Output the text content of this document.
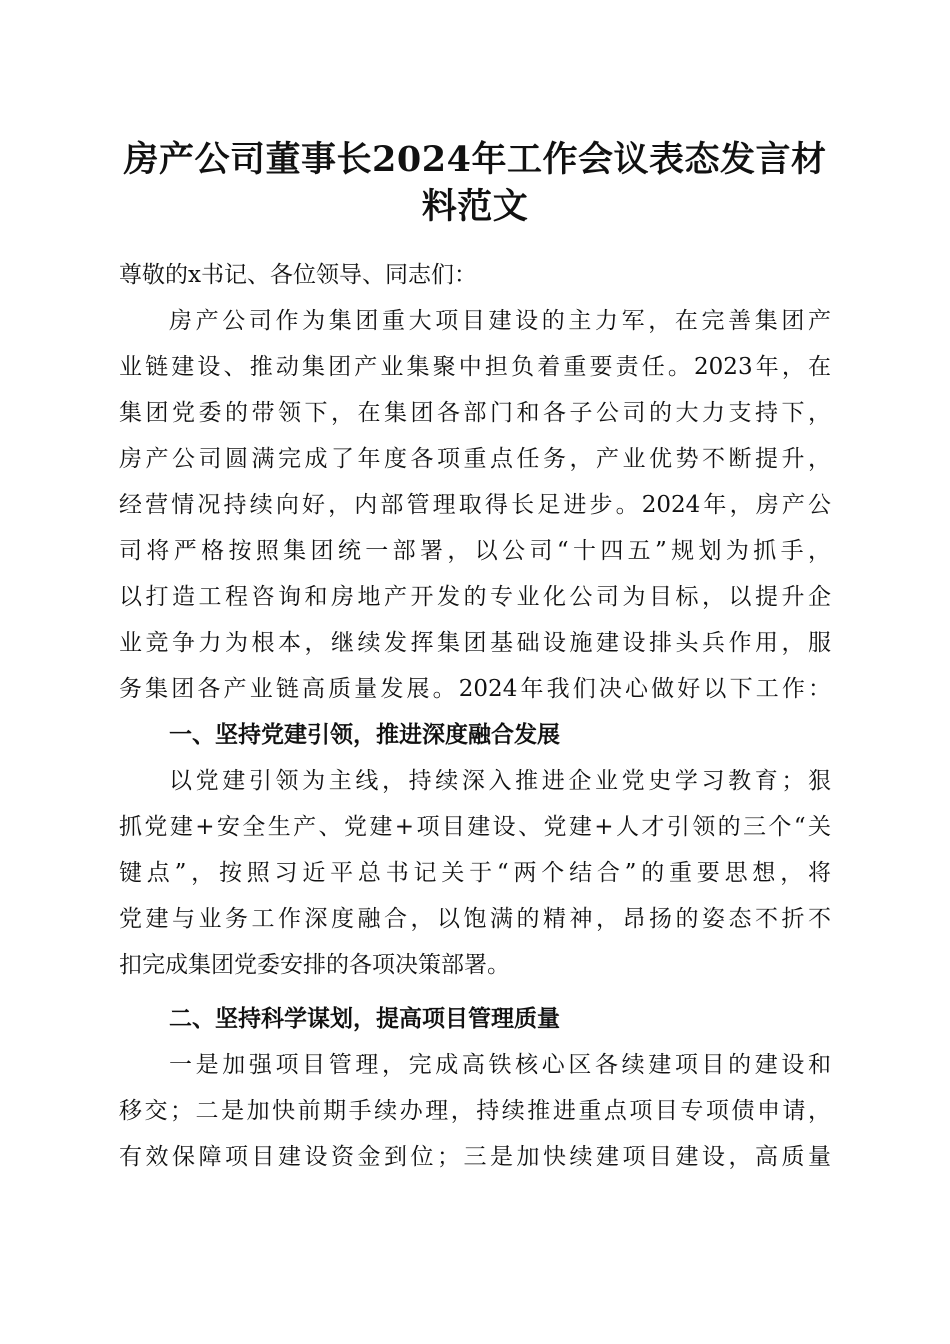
房产公司董事长2024年工作会议表态发言材
料范文
尊敬的x书记、各位领导、同志们：
房产公司作为集团重大项目建设的主力军，在完善集团产
业链建设、推动集团产业集聚中担负着重要责任。2023年，在
集团党委的带领下，在集团各部门和各子公司的大力支持下，
房产公司圆满完成了年度各项重点任务，产业优势不断提升，
经营情况持续向好，内部管理取得长足进步。2024年，房产公
司将严格按照集团统一部署，以公司“十四五”规划为抓手，
以打造工程咨询和房地产开发的专业化公司为目标，以提升企
业竞争力为根本，继续发挥集团基础设施建设排头兵作用，服
务集团各产业链高质量发展。2024年我们决心做好以下工作：
一、坚持党建引领，推进深度融合发展
以党建引领为主线，持续深入推进企业党史学习教育；狠
抓党建+安全生产、党建+项目建设、党建+人才引领的三个“关
键点”，按照习近平总书记关于“两个结合”的重要思想，将
党建与业务工作深度融合，以饱满的精神，昂扬的姿态不折不
扣完成集团党委安排的各项决策部署。
二、坚持科学谋划，提高项目管理质量
一是加强项目管理，完成高铁核心区各续建项目的建设和
移交；二是加快前期手续办理，持续推进重点项目专项债申请，
有效保障项目建设资金到位；三是加快续建项目建设，高质量
